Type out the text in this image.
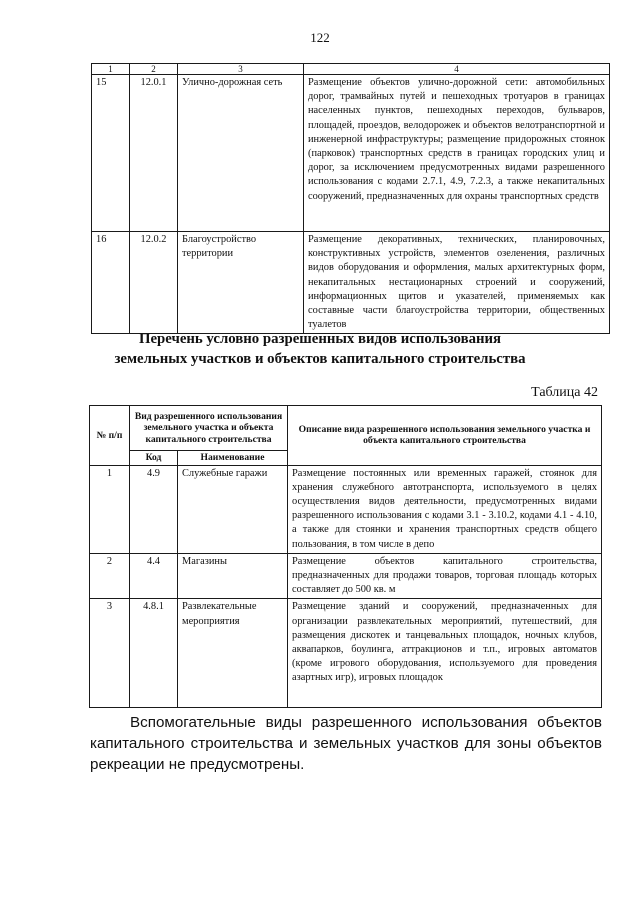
122
1	2	3	4
15	12.0.1	Улично-дорожная сеть	Размещение объектов улично-дорожной сети: автомобильных дорог, трамвайных путей и пешеходных тротуаров в границах населенных пунктов, пешеходных переходов, бульваров, площадей, проездов, велодорожек и объектов велотранспортной и инженерной инфраструктуры; размещение придорожных стоянок (парковок) транспортных средств в границах городских улиц и дорог, за исключением предусмотренных видами разрешенного использования с кодами 2.7.1, 4.9, 7.2.3, а также некапитальных сооружений, предназначенных для охраны транспортных средств
16	12.0.2	Благоустройство территории	Размещение декоративных, технических, планировочных, конструктивных устройств, элементов озеленения, различных видов оборудования и оформления, малых архитектурных форм, некапитальных нестационарных строений и сооружений, информационных щитов и указателей, применяемых как составные части благоустройства территории, общественных туалетов
Перечень условно разрешенных видов использования
земельных участков и объектов капитального строительства
Таблица 42
№ п/п	Вид разрешенного использования земельного участка и объекта капитального строительства		Описание вида разрешенного использования земельного участка и объекта капитального строительства
	Код	Наименование	
1	4.9	Служебные гаражи	Размещение постоянных или временных гаражей, стоянок для хранения служебного автотранспорта, используемого в целях осуществления видов деятельности, предусмотренных видами разрешенного использования с кодами 3.1 - 3.10.2, кодами 4.1 - 4.10, а также для стоянки и хранения транспортных средств общего пользования, в том числе в депо
2	4.4	Магазины	Размещение объектов капитального строительства, предназначенных для продажи товаров, торговая площадь которых составляет до 500 кв. м
3	4.8.1	Развлекательные мероприятия	Размещение зданий и сооружений, предназначенных для организации развлекательных мероприятий, путешествий, для размещения дискотек и танцевальных площадок, ночных клубов, аквапарков, боулинга, аттракционов и т.п., игровых автоматов (кроме игрового оборудования, используемого для проведения азартных игр), игровых площадок
Вспомогательные виды разрешенного использования объектов капитального строительства и земельных участков для зоны объектов рекреации не предусмотрены.
